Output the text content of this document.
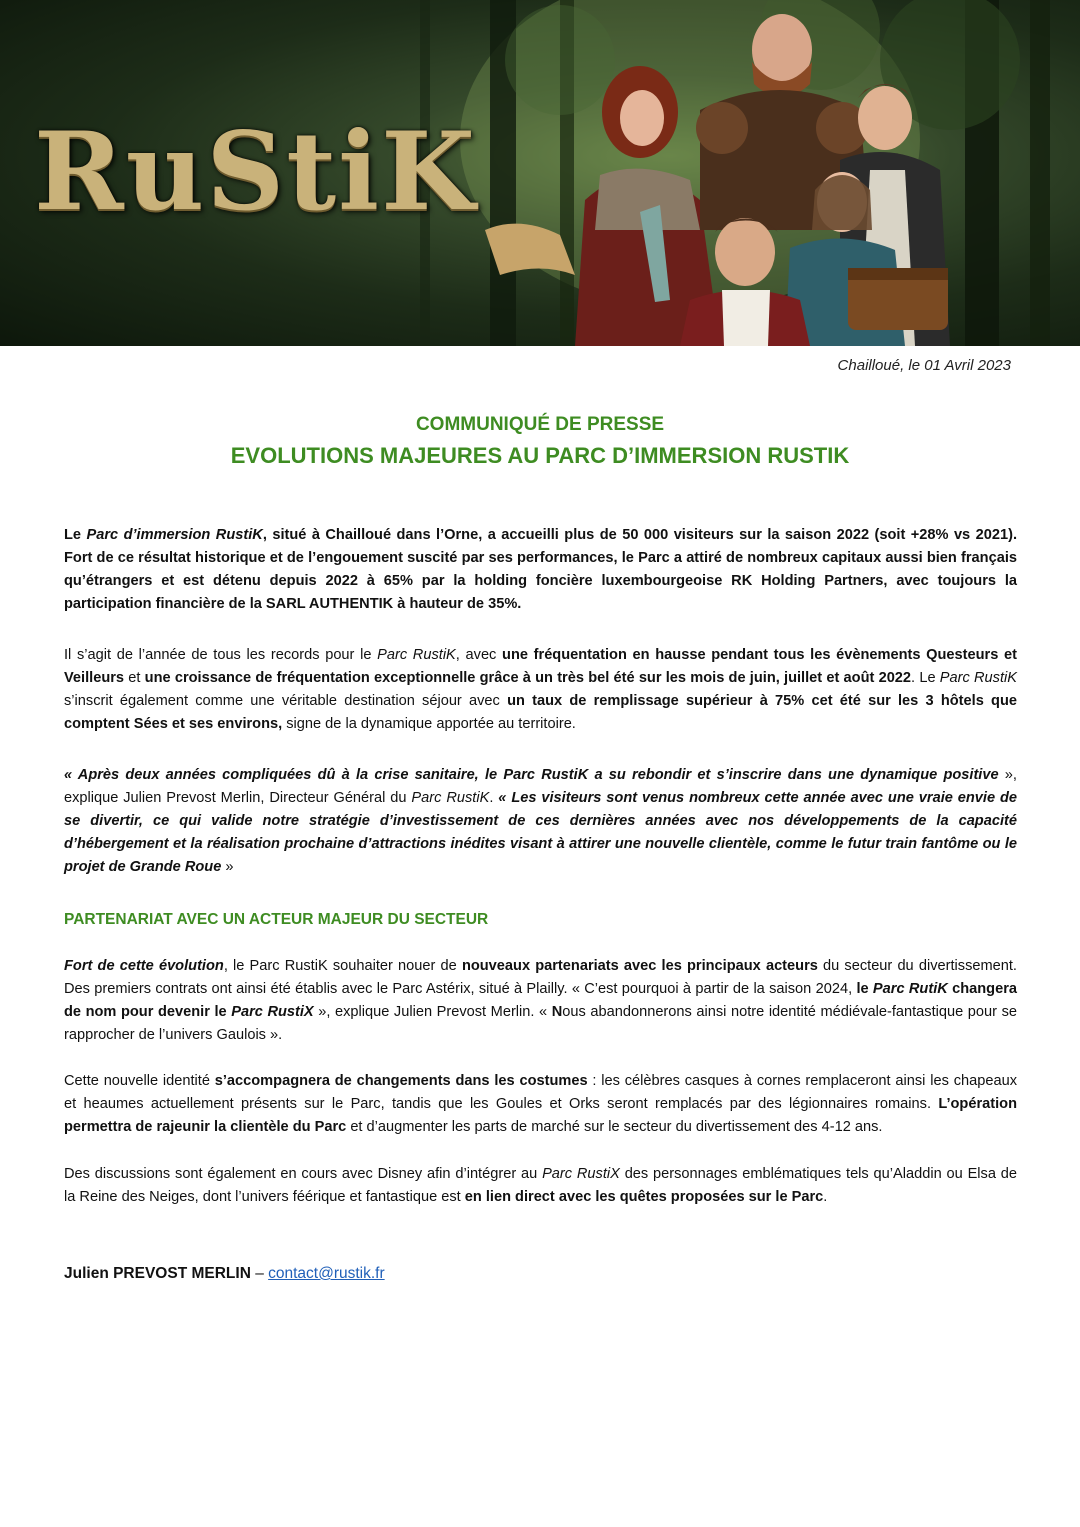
RuStiK
Chailloué, le 01 Avril 2023
COMMUNIQUÉ DE PRESSE
EVOLUTIONS MAJEURES AU PARC D’IMMERSION RUSTIK

Le Parc d’immersion RustiK, situé à Chailloué dans l’Orne, a accueilli plus de 50 000 visiteurs sur la saison 2022 (soit +28% vs 2021). Fort de ce résultat historique et de l’engouement suscité par ses performances, le Parc a attiré de nombreux capitaux aussi bien français qu’étrangers et est détenu depuis 2022 à 65% par la holding foncière luxembourgeoise RK Holding Partners, avec toujours la participation financière de la SARL AUTHENTIK à hauteur de 35%.

Il s’agit de l’année de tous les records pour le Parc RustiK, avec une fréquentation en hausse pendant tous les évènements Questeurs et Veilleurs et une croissance de fréquentation exceptionnelle grâce à un très bel été sur les mois de juin, juillet et août 2022. Le Parc RustiK s’inscrit également comme une véritable destination séjour avec un taux de remplissage supérieur à 75% cet été sur les 3 hôtels que comptent Sées et ses environs, signe de la dynamique apportée au territoire.

« Après deux années compliquées dû à la crise sanitaire, le Parc RustiK a su rebondir et s’inscrire dans une dynamique positive », explique Julien Prevost Merlin, Directeur Général du Parc RustiK. « Les visiteurs sont venus nombreux cette année avec une vraie envie de se divertir, ce qui valide notre stratégie d’investissement de ces dernières années avec nos développements de la capacité d’hébergement et la réalisation prochaine d’attractions inédites visant à attirer une nouvelle clientèle, comme le futur train fantôme ou le projet de Grande Roue »

PARTENARIAT AVEC UN ACTEUR MAJEUR DU SECTEUR

Fort de cette évolution, le Parc RustiK souhaiter nouer de nouveaux partenariats avec les principaux acteurs du secteur du divertissement. Des premiers contrats ont ainsi été établis avec le Parc Astérix, situé à Plailly. « C’est pourquoi à partir de la saison 2024, le Parc RutiK changera de nom pour devenir le Parc RustiX », explique Julien Prevost Merlin. « Nous abandonnerons ainsi notre identité médiévale-fantastique pour se rapprocher de l’univers Gaulois ».

Cette nouvelle identité s’accompagnera de changements dans les costumes : les célèbres casques à cornes remplaceront ainsi les chapeaux et heaumes actuellement présents sur le Parc, tandis que les Goules et Orks seront remplacés par des légionnaires romains. L’opération permettra de rajeunir la clientèle du Parc et d’augmenter les parts de marché sur le secteur du divertissement des 4-12 ans.

Des discussions sont également en cours avec Disney afin d’intégrer au Parc RustiX des personnages emblématiques tels qu’Aladdin ou Elsa de la Reine des Neiges, dont l’univers féérique et fantastique est en lien direct avec les quêtes proposées sur le Parc.

Julien PREVOST MERLIN – contact@rustik.fr
